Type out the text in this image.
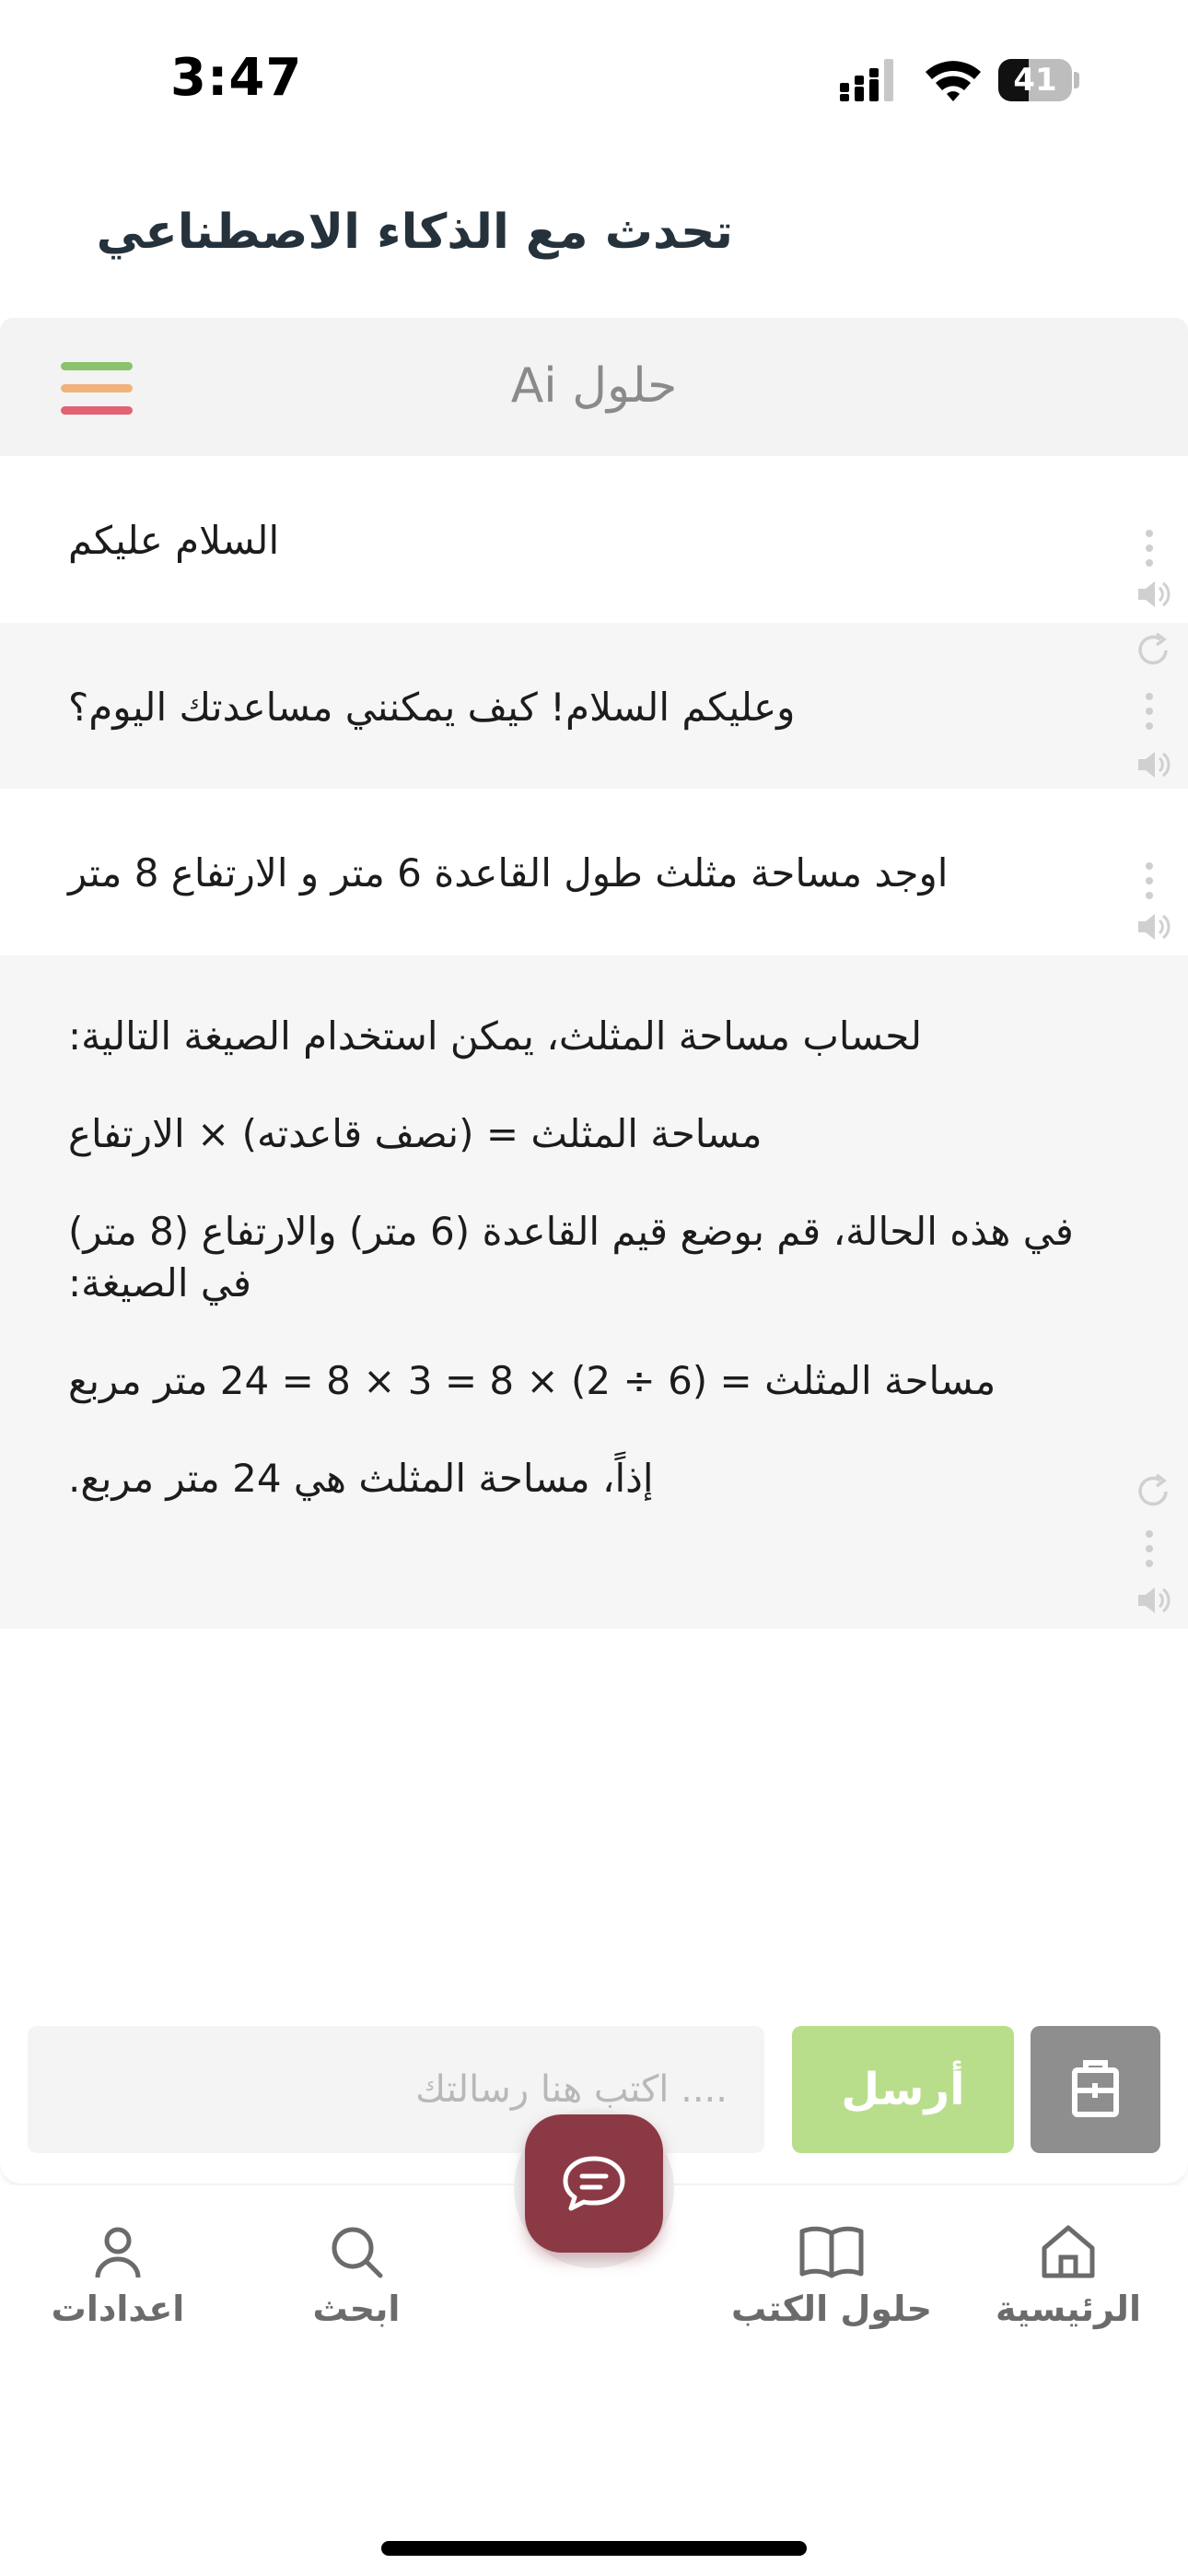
3:47	41
تحدث مع الذكاء الاصطناعي
حلول Ai

السلام عليكم

وعليكم السلام! كيف يمكنني مساعدتك اليوم؟

اوجد مساحة مثلث طول القاعدة 6 متر و الارتفاع 8 متر

لحساب مساحة المثلث، يمكن استخدام الصيغة التالية:

مساحة المثلث = (نصف قاعدته) × الارتفاع

في هذه الحالة، قم بوضع قيم القاعدة (6 متر) والارتفاع (8 متر) في الصيغة:

مساحة المثلث = (6 ÷ 2) × 8 = 3 × 8 = 24 متر مربع

إذاً، مساحة المثلث هي 24 متر مربع.

.... اكتب هنا رسالتك
أرسل
اعدادات	ابحث	حلول الكتب	الرئيسية
